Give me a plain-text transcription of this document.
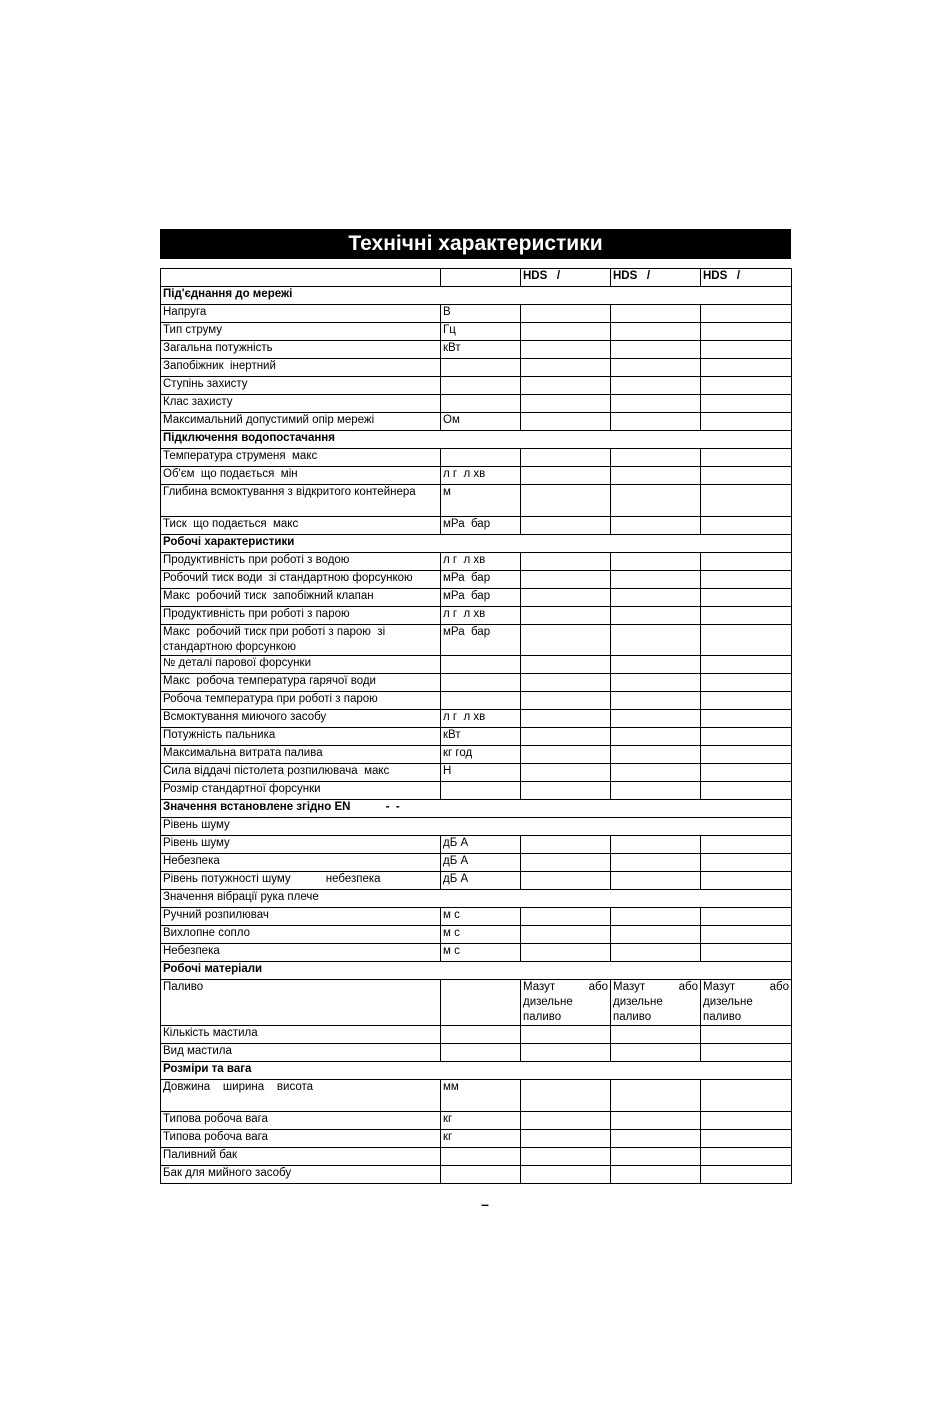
Технічні характеристики
		HDS   /	HDS   /	HDS   /
Під'єднання до мережі				
Напруга	В			
Тип струму	Гц			
Загальна потужність	кВт			
Запобіжник  інертний				
Ступінь захисту				
Клас захисту				
Максимальний допустимий опір мережі	Ом			
Підключення водопостачання				
Температура струменя  макс				
Об'єм  що подається  мін	л г  л хв			
Глибина всмоктування з відкритого контейнера	м			
Тиск  що подається  макс	мРа  бар			
Робочі характеристики				
Продуктивність при роботі з водою	л г  л хв			
Робочий тиск води  зі стандартною форсункою	мРа  бар			
Макс  робочий тиск  запобіжний клапан	мРа  бар			
Продуктивність при роботі з парою	л г  л хв			
Макс  робочий тиск при роботі з парою  зі стандартною форсункою	мРа  бар			
№ деталі парової форсунки				
Макс  робоча температура гарячої води				
Робоча температура при роботі з парою				
Всмоктування миючого засобу	л г  л хв			
Потужність пальника	кВт			
Максимальна витрата палива	кг год			
Сила віддачі пістолета розпилювача  макс	Н			
Розмір стандартної форсунки				
Значення встановлене згідно EN           -  -				
Рівень шуму				
Рівень шуму	дБ А			
Небезпека	дБ А			
Рівень потужності шуму           небезпека	дБ А			
Значення вібрації рука плече				
Ручний розпилювач	м с			
Вихлопне сопло	м с			
Небезпека	м с			
Робочі матеріали				
Паливо		Мазут або дизельне паливо	Мазут або дизельне паливо	Мазут або дизельне паливо
Кількість мастила				
Вид мастила				
Розміри та вага				
Довжина    ширина    висота	мм			
Типова робоча вага	кг			
Типова робоча вага	кг			
Паливний бак				
Бак для мийного засобу				
–
